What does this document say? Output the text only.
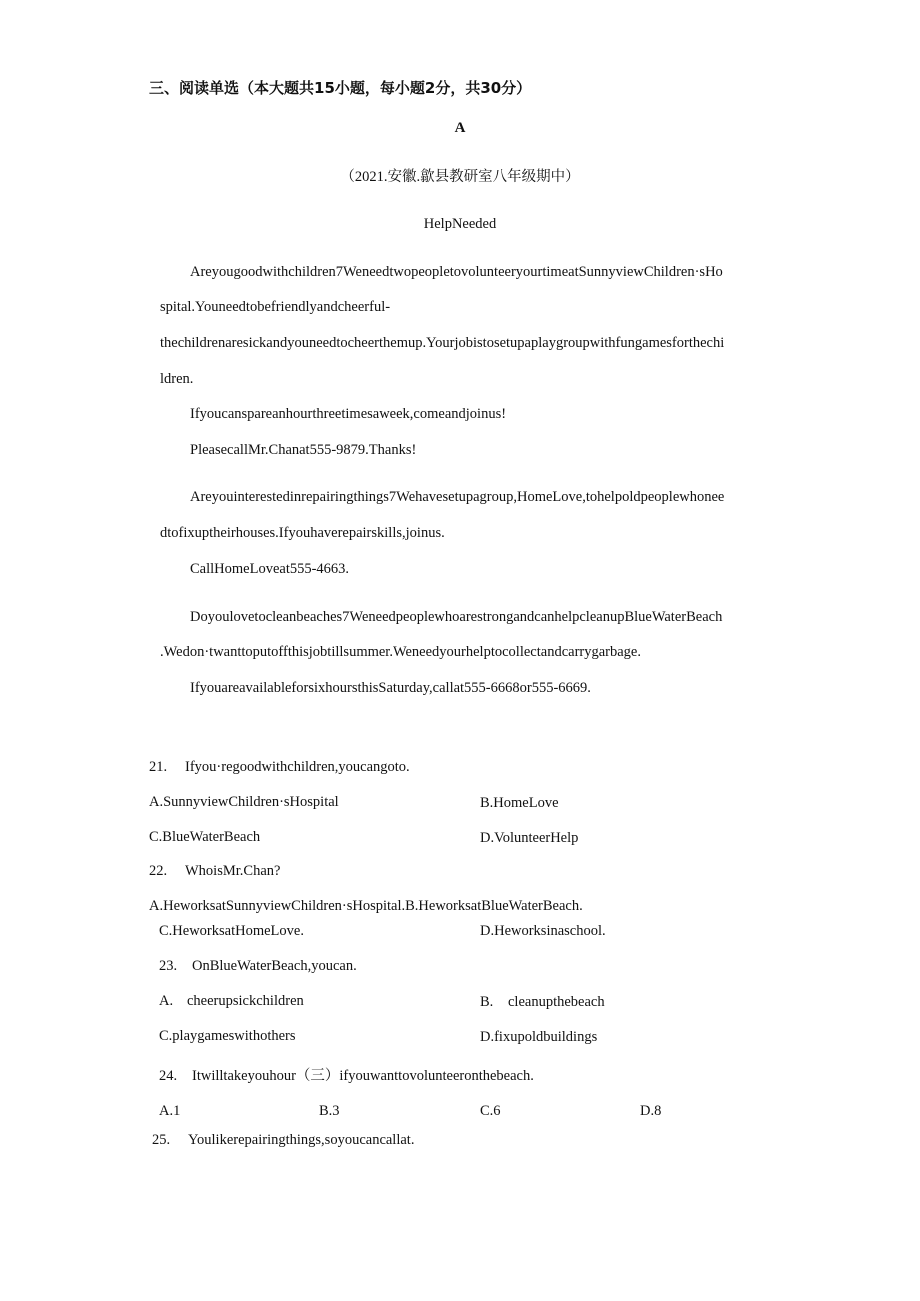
三、阅读单选（本大题共15小题，每小题2分，共30分）
A
（2021.安徽.歙县教研室八年级期中）
HelpNeeded
Areyougoodwithchildren7WeneedtwopeopletovolunteeryourtimeatSunnyviewChildren·sHo
spital.Youneedtobefriendlyandcheerful-
thechildrenaresickandyouneedtocheerthemup.Yourjobistosetupaplaygroupwithfungamesforthechi
ldren.
Ifyoucanspareanhourthreetimesaweek,comeandjoinus!
PleasecallMr.Chanat555-9879.Thanks!
Areyouinterestedinrepairingthings7Wehavesetupagroup,HomeLove,tohelpoldpeoplewhonee
dtofixuptheirhouses.Ifyouhaverepairskills,joinus.
CallHomeLoveat555-4663.
Doyoulovetocleanbeaches7WeneedpeoplewhoarestrongandcanhelpcleanupBlueWaterBeach
.Wedon·twanttoputoffthisjobtillsummer.Weneedyourhelptocollectandcarrygarbage.
IfyouareavailableforsixhoursthisSaturday,callat555-6668or555-6669.
21. Ifyou·regoodwithchildren,youcangoto.
A.SunnyviewChildren·sHospital	B.HomeLove
C.BlueWaterBeach	D.VolunteerHelp
22. WhoisMr.Chan?
A.HeworksatSunnyviewChildren·sHospital.B.HeworksatBlueWaterBeach.
C.HeworksatHomeLove.	D.Heworksinaschool.
23. OnBlueWaterBeach,youcan.
A. cheerupsickchildren	B. cleanupthebeach
C.playgameswithothers	D.fixupoldbuildings
24. Itwilltakeyouhour（三）ifyouwanttovolunteeronthebeach.
A.1	B.3	C.6	D.8
25. Youlikerepairingthings,soyoucancallat.
